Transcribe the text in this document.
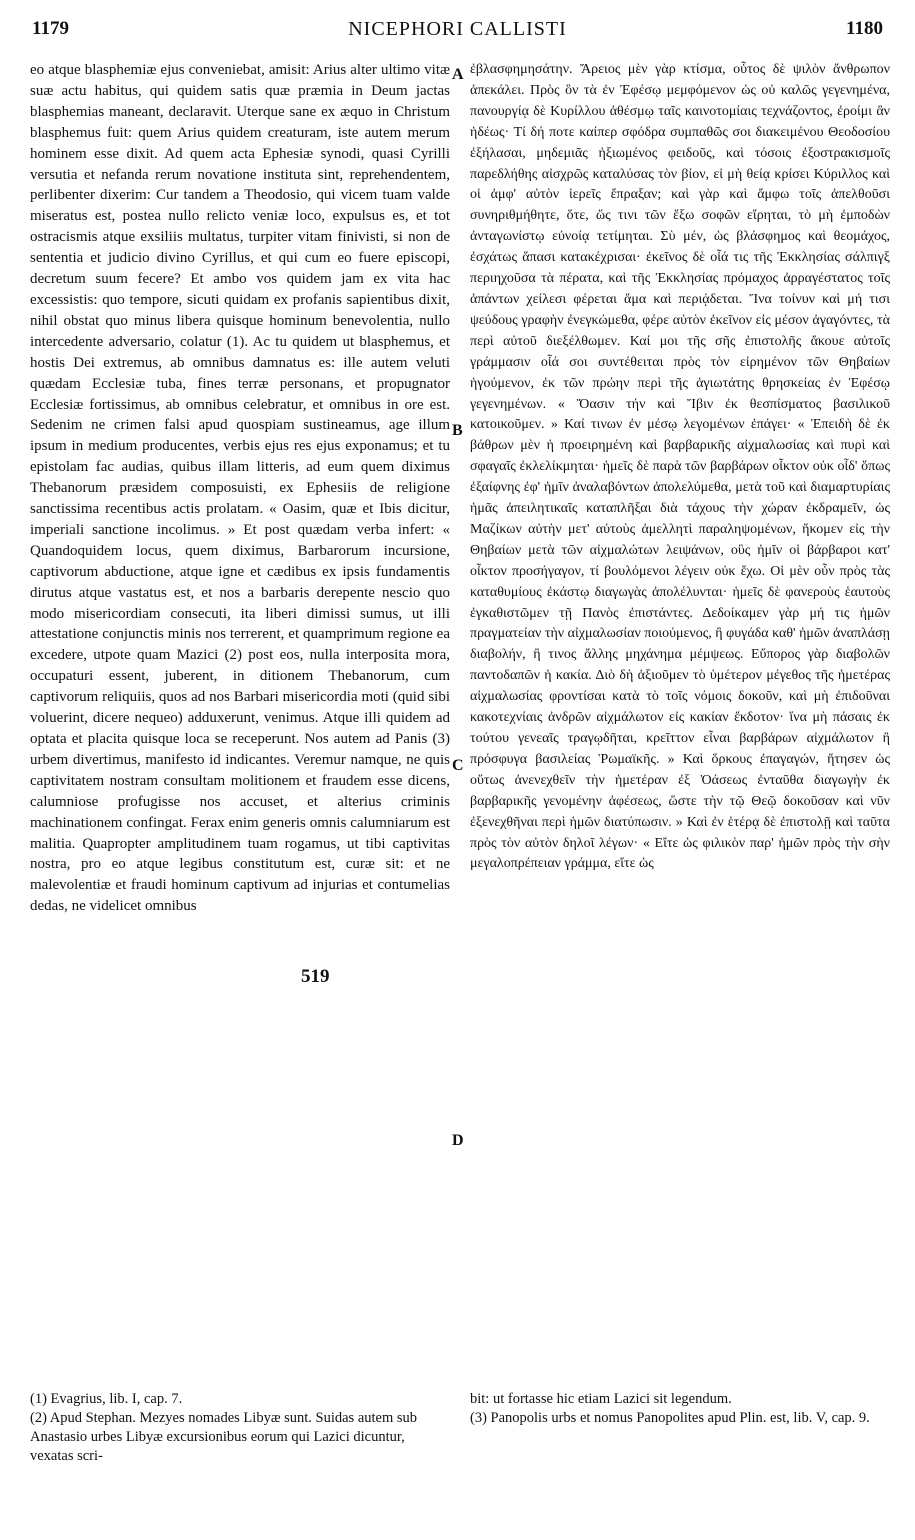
1179	NICEPHORI CALLISTI	1180

eo atque blasphemiæ ejus conveniebat, amisit: Arius alter ultimo vitæ suæ actu habitus, qui quidem satis quæ præmia in Deum jactas blasphemias maneant, declaravit. Uterque sane ex æquo in Christum blasphemus fuit: quem Arius quidem creaturam, iste autem merum hominem esse dixit. Ad quem acta Ephesiæ synodi, quasi Cyrilli versutia et nefanda rerum novatione instituta sint, reprehendentem, perlibenter dixerim: Cur tandem a Theodosio, qui vicem tuam valde miseratus est, postea nullo relicto veniæ loco, expulsus es, et tot ostracismis atque exsiliis multatus, turpiter vitam finivisti, si non de sententia et judicio divino Cyrillus, et qui cum eo fuere episcopi, decretum suum fecere? Et ambo vos quidem jam ex vita hac excessistis: quo tempore, sicuti quidam ex profanis sapientibus dixit, nihil obstat quo minus libera quisque hominum benevolentia, nullo intercedente adversario, colatur (1). Ac tu quidem ut blasphemus, et hostis Dei extremus, ab omnibus damnatus es: ille autem veluti quædam Ecclesiæ tuba, fines terræ personans, et propugnator Ecclesiæ fortissimus, ab omnibus celebratur, et omnibus in ore est. Sedenim ne crimen falsi apud quospiam sustineamus, age illum ipsum in medium producentes, verbis ejus res ejus exponamus; et tu epistolam fac audias, quibus illam litteris, ad eum quem diximus Thebanorum præsidem composuisti, ex Ephesiis de religione sanctissima recentibus actis prolatam. « Oasim, quæ et Ibis dicitur, imperiali sanctione incolimus. » Et post quædam verba infert: « Quandoquidem locus, quem diximus, Barbarorum incursione, captivorum abductione, atque igne et cædibus ex ipsis fundamentis dirutus atque vastatus est, et nos a barbaris derepente nescio quo modo misericordiam consecuti, ita liberi dimissi sumus, ut illi attestatione conjunctis minis nos terrerent, et quamprimum regione ea excedere, utpote quam Mazici (2) post eos, nulla interposita mora, occupaturi essent, juberent, in ditionem Thebanorum, cum captivorum reliquiis, quos ad nos Barbari misericordia moti (quid sibi voluerint, dicere nequeo) adduxerunt, venimus. Atque illi quidem ad optata et placita quisque loca se receperunt. Nos autem ad Panis (3) urbem divertimus, manifesto id indicantes. Veremur namque, ne quis captivitatem nostram consultam molitionem et fraudem esse dicens, calumniose profugisse nos accuset, et alterius criminis machinationem confingat. Ferax enim generis omnis calumniarum est malitia. Quapropter amplitudinem tuam rogamus, ut tibi captivitas nostra, pro eo atque legibus constitutum est, curæ sit: et ne malevolentiæ et fraudi hominum captivum ad injurias et contumelias dedas, ne videlicet omnibus

ἐβλασφημησάτην. Ἄρειος μὲν γὰρ κτίσμα, οὗτος δὲ ψιλὸν ἄνθρωπον ἀπεκάλει. Πρὸς ὃν τὰ ἐν Ἐφέσῳ μεμφόμενον ὡς οὐ καλῶς γεγενημένα, πανουργίᾳ δὲ Κυρίλλου ἀθέσμῳ ταῖς καινοτομίαις τεχνάζοντος, ἐροίμι ἂν ἡδέως· Τί δή ποτε καίπερ σφόδρα συμπαθῶς σοι διακειμένου Θεοδοσίου ἐξήλασαι, μηδεμιᾶς ἠξιωμένος φειδοῦς, καὶ τόσοις ἐξοστρακισμοῖς παρεδλήθης αἰσχρῶς καταλύσας τὸν βίον, εἰ μὴ θείᾳ κρίσει Κύριλλος καὶ οἱ ἀμφ' αὐτὸν ἱερεῖς ἔπραξαν; καὶ γὰρ καὶ ἄμφω τοῖς ἀπελθοῦσι συνηριθμήθητε, ὅτε, ὥς τινι τῶν ἔξω σοφῶν εἴρηται, τὸ μὴ ἐμποδὼν ἀνταγωνίστῳ εὐνοίᾳ τετίμηται. Σὺ μέν, ὡς βλάσφημος καὶ θεομάχος, ἐσχάτως ἅπασι κατακέχρισαι· ἐκεῖνος δὲ οἷά τις τῆς Ἐκκλησίας σάλπιγξ περιηχοῦσα τὰ πέρατα, καὶ τῆς Ἐκκλησίας πρόμαχος ἀρραγέστατος τοῖς ἁπάντων χείλεσι φέρεται ἅμα καὶ περιᾴδεται. Ἵνα τοίνυν καὶ μή τισι ψεύδους γραφὴν ἐνεγκώμεθα, φέρε αὐτὸν ἐκεῖνον εἰς μέσον ἀγαγόντες, τὰ περὶ αὐτοῦ διεξέλθωμεν. Καί μοι τῆς σῆς ἐπιστολῆς ἄκουε αὐτοῖς γράμμασιν οἷά σοι συντέθειται πρὸς τὸν εἰρημένον τῶν Θηβαίων ἡγούμενον, ἐκ τῶν πρώην περὶ τῆς ἁγιωτάτης θρησκείας ἐν Ἐφέσῳ γεγενημένων. « Ὄασιν τήν καὶ Ἴβιν ἐκ θεσπίσματος βασιλικοῦ κατοικοῦμεν. » Καί τινων ἐν μέσῳ λεγομένων ἐπάγει· « Ἐπειδὴ δὲ ἐκ βάθρων μὲν ἡ προειρημένη καὶ βαρβαρικῆς αἰχμαλωσίας καὶ πυρὶ καὶ σφαγαῖς ἐκλελίκμηται· ἡμεῖς δὲ παρὰ τῶν βαρβάρων οἶκτον οὐκ οἶδ' ὅπως ἐξαίφνης ἐφ' ἡμῖν ἀναλαβόντων ἀπολελύμεθα, μετὰ τοῦ καὶ διαμαρτυρίαις ἡμᾶς ἀπειλητικαῖς καταπλῆξαι διὰ τάχους τὴν χώραν ἐκδραμεῖν, ὡς Μαζίκων αὐτὴν μετ' αὐτοὺς ἀμελλητὶ παραληψομένων, ἥκομεν εἰς τὴν Θηβαίων μετὰ τῶν αἰχμαλώτων λειψάνων, οὓς ἡμῖν οἱ βάρβαροι κατ' οἶκτον προσήγαγον, τί βουλόμενοι λέγειν οὐκ ἔχω. Οἱ μὲν οὖν πρὸς τὰς καταθυμίους ἐκάστῳ διαγωγὰς ἀπολέλυνται· ἡμεῖς δὲ φανεροὺς ἑαυτοὺς ἐγκαθιστῶμεν τῇ Πανὸς ἐπιστάντες. Δεδοίκαμεν γὰρ μή τις ἡμῶν πραγματείαν τὴν αἰχμαλωσίαν ποιούμενος, ἢ φυγάδα καθ' ἡμῶν ἀναπλάσῃ διαβολήν, ἢ τινος ἄλλης μηχάνημα μέμψεως. Εὔπορος γὰρ διαβολῶν παντοδαπῶν ἡ κακία. Διὸ δὴ ἀξιοῦμεν τὸ ὑμέτερον μέγεθος τῆς ἡμετέρας αἰχμαλωσίας φροντίσαι κατὰ τὸ τοῖς νόμοις δοκοῦν, καὶ μὴ ἐπιδοῦναι κακοτεχνίαις ἀνδρῶν αἰχμάλωτον εἰς κακίαν ἔκδοτον· ἵνα μὴ πάσαις ἐκ τούτου γενεαῖς τραγῳδῆται, κρεῖττον εἶναι βαρβάρων αἰχμάλωτον ἢ πρόσφυγα βασιλείας Ῥωμαϊκῆς. » Καὶ ὅρκους ἐπαγαγών, ἥτησεν ὡς οὕτως ἀνενεχθεῖν τὴν ἡμετέραν ἐξ Ὀάσεως ἐνταῦθα διαγωγὴν ἐκ βαρβαρικῆς γενομένην ἀφέσεως, ὥστε τὴν τῷ Θεῷ δοκοῦσαν καὶ νῦν ἐξενεχθῆναι περὶ ἡμῶν διατύπωσιν. » Καὶ ἐν ἑτέρᾳ δὲ ἐπιστολῇ καὶ ταῦτα πρὸς τὸν αὐτὸν δηλοῖ λέγων· « Εἴτε ὡς φιλικὸν παρ' ἡμῶν πρὸς τὴν σὴν μεγαλοπρέπειαν γράμμα, εἴτε ὡς

A
B
C
D
519

(1) Evagrius, lib. I, cap. 7.

(2) Apud Stephan. Mezyes nomades Libyæ sunt. Suidas autem sub Anastasio urbes Libyæ excursionibus eorum qui Lazici dicuntur, vexatas scri-

bit: ut fortasse hic etiam Lazici sit legendum.

(3) Panopolis urbs et nomus Panopolites apud Plin. est, lib. V, cap. 9.
